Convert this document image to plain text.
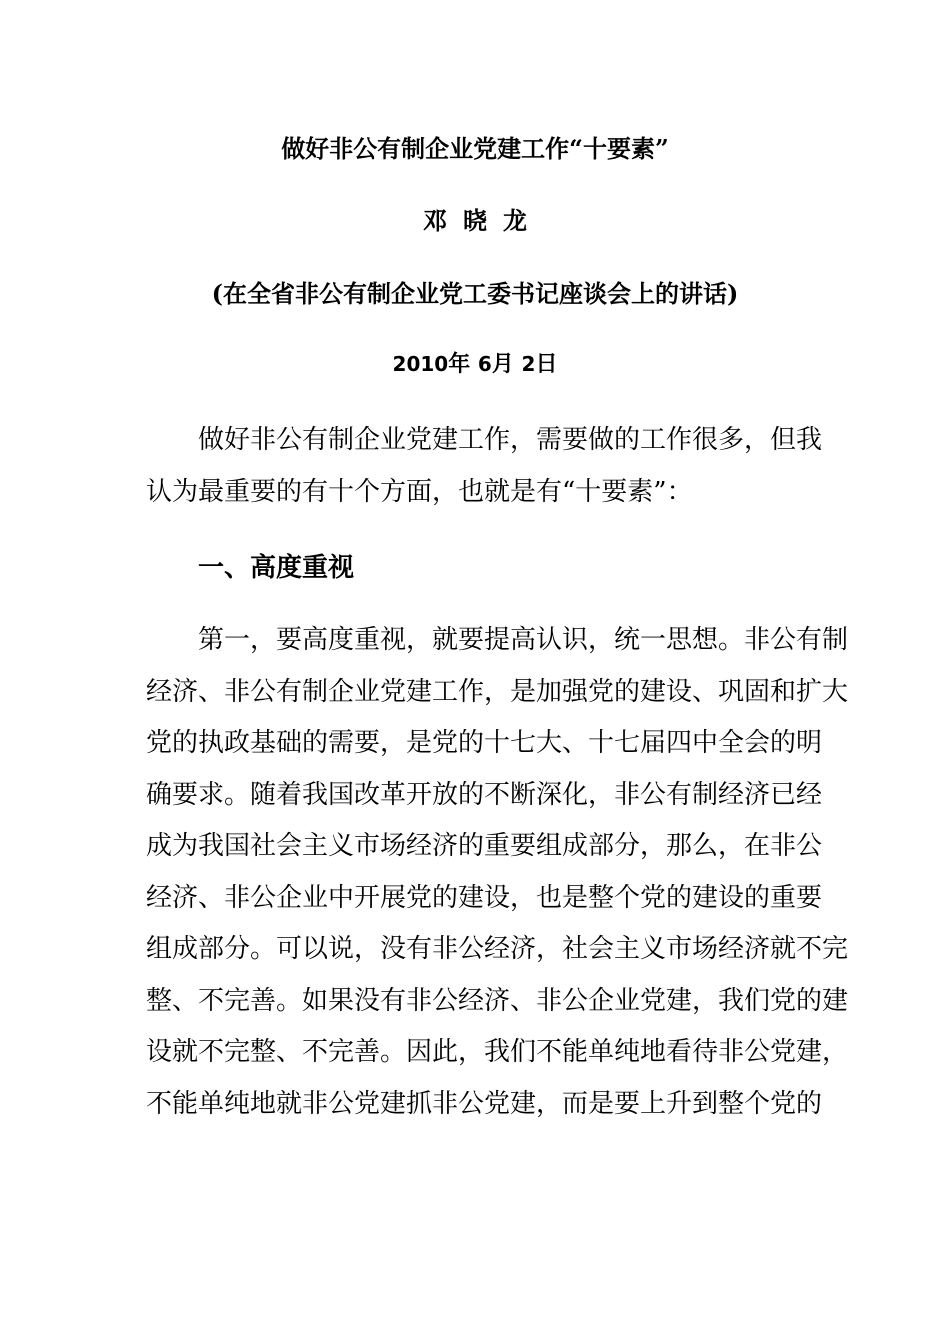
做好非公有制企业党建工作“十要素”
邓晓龙
(在全省非公有制企业党工委书记座谈会上的讲话)
2010年 6月 2日
做好非公有制企业党建工作，需要做的工作很多，但我
认为最重要的有十个方面，也就是有“十要素”：
一、高度重视
第一，要高度重视，就要提高认识，统一思想。非公有制
经济、非公有制企业党建工作，是加强党的建设、巩固和扩大
党的执政基础的需要，是党的十七大、十七届四中全会的明
确要求。随着我国改革开放的不断深化，非公有制经济已经
成为我国社会主义市场经济的重要组成部分，那么，在非公
经济、非公企业中开展党的建设，也是整个党的建设的重要
组成部分。可以说，没有非公经济，社会主义市场经济就不完
整、不完善。如果没有非公经济、非公企业党建，我们党的建
设就不完整、不完善。因此，我们不能单纯地看待非公党建，
不能单纯地就非公党建抓非公党建，而是要上升到整个党的
